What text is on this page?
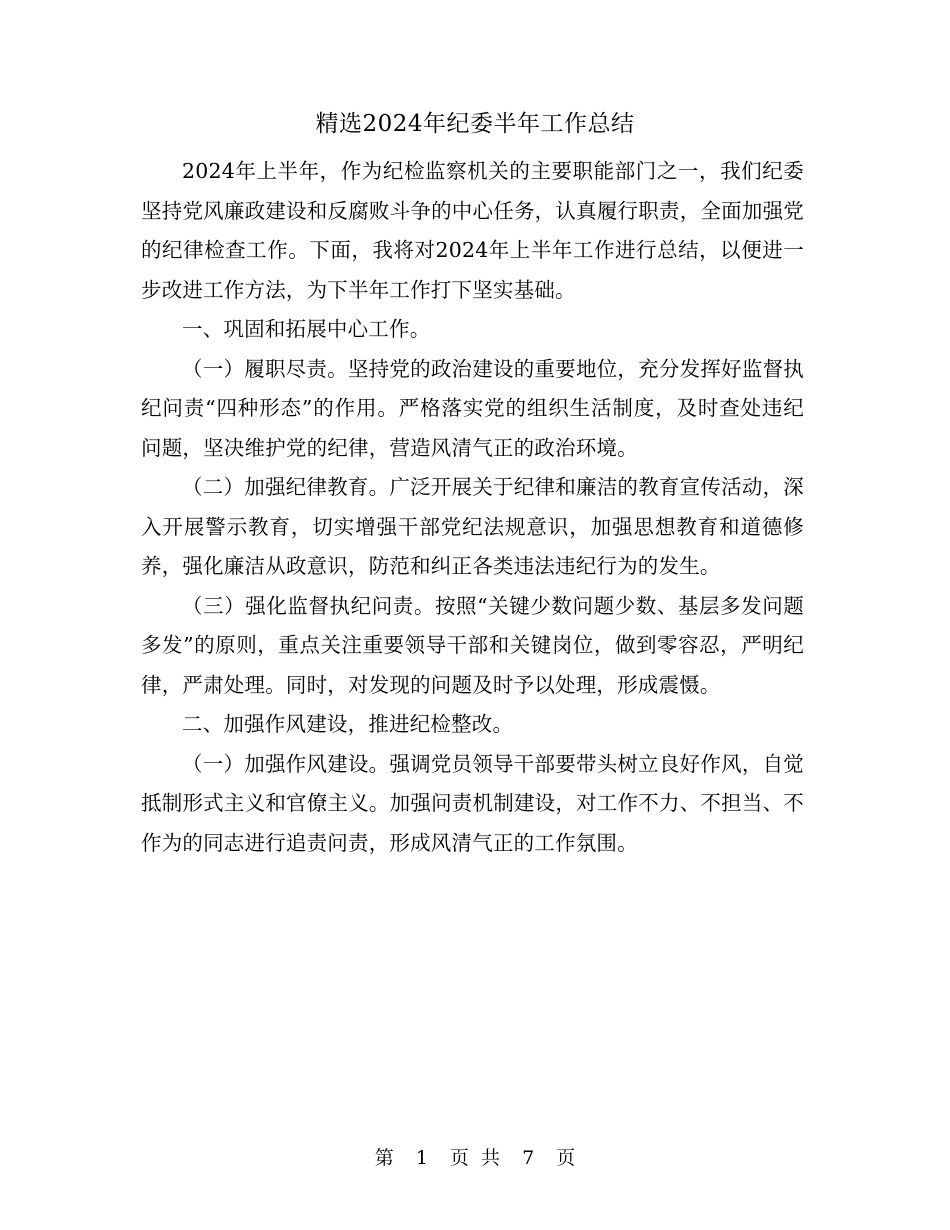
精选2024年纪委半年工作总结

2024年上半年，作为纪检监察机关的主要职能部门之一，我们纪委坚持党风廉政建设和反腐败斗争的中心任务，认真履行职责，全面加强党的纪律检查工作。下面，我将对2024年上半年工作进行总结，以便进一步改进工作方法，为下半年工作打下坚实基础。

一、巩固和拓展中心工作。

（一）履职尽责。坚持党的政治建设的重要地位，充分发挥好监督执纪问责“四种形态”的作用。严格落实党的组织生活制度，及时查处违纪问题，坚决维护党的纪律，营造风清气正的政治环境。

（二）加强纪律教育。广泛开展关于纪律和廉洁的教育宣传活动，深入开展警示教育，切实增强干部党纪法规意识，加强思想教育和道德修养，强化廉洁从政意识，防范和纠正各类违法违纪行为的发生。

（三）强化监督执纪问责。按照“关键少数问题少数、基层多发问题多发”的原则，重点关注重要领导干部和关键岗位，做到零容忍，严明纪律，严肃处理。同时，对发现的问题及时予以处理，形成震慑。

二、加强作风建设，推进纪检整改。

（一）加强作风建设。强调党员领导干部要带头树立良好作风，自觉抵制形式主义和官僚主义。加强问责机制建设，对工作不力、不担当、不作为的同志进行追责问责，形成风清气正的工作氛围。

第 1 页 共 7 页
